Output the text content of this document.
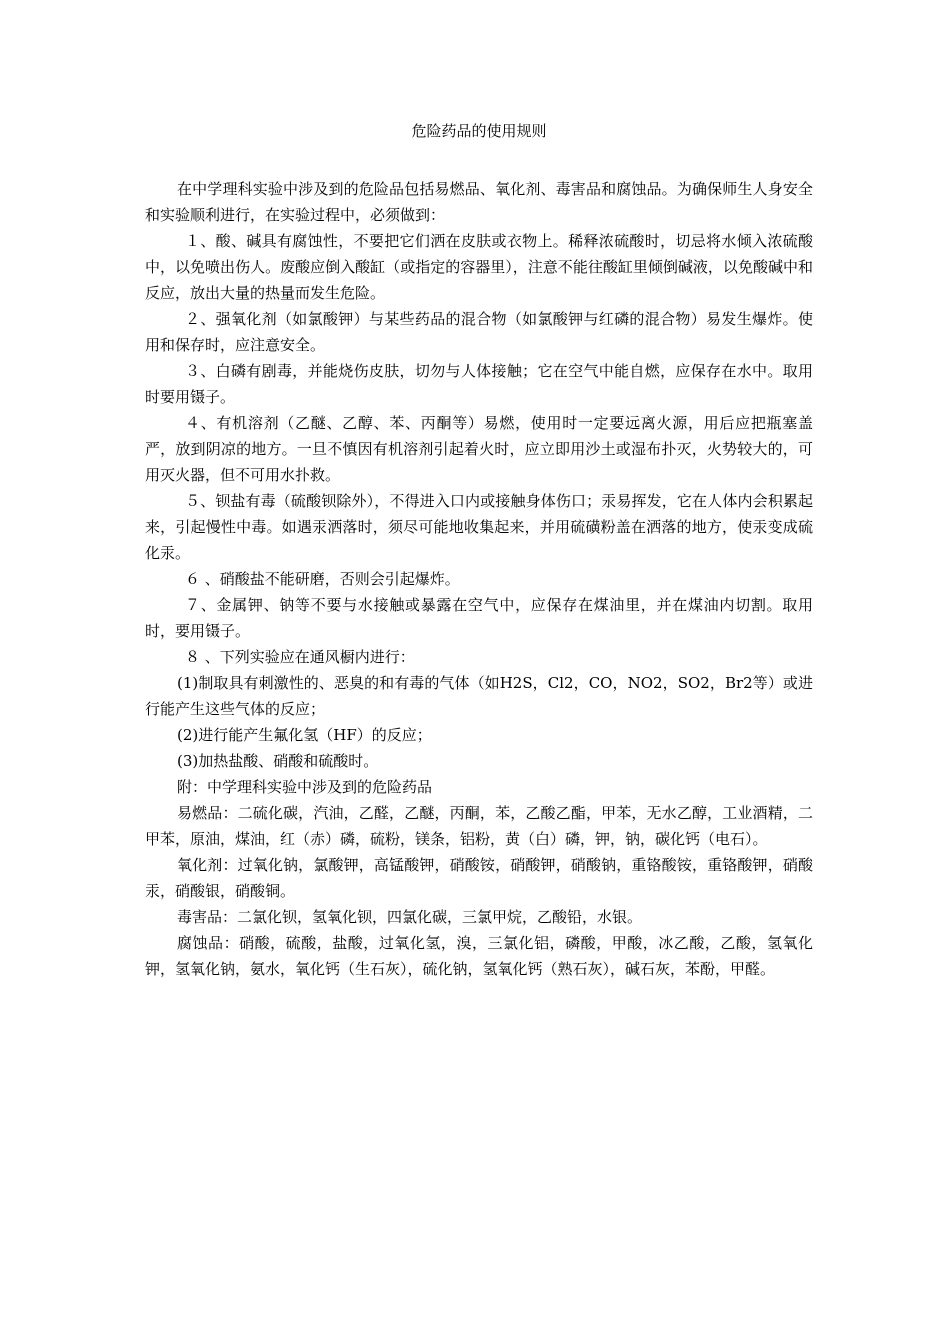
危险药品的使用规则

在中学理科实验中涉及到的危险品包括易燃品、氧化剂、毒害品和腐蚀品。为确保师生人身安全和实验顺利进行，在实验过程中，必须做到：

１、酸、碱具有腐蚀性，不要把它们洒在皮肤或衣物上。稀释浓硫酸时，切忌将水倾入浓硫酸中，以免喷出伤人。废酸应倒入酸缸（或指定的容器里），注意不能往酸缸里倾倒碱液，以免酸碱中和反应，放出大量的热量而发生危险。

２、强氧化剂（如氯酸钾）与某些药品的混合物（如氯酸钾与红磷的混合物）易发生爆炸。使用和保存时，应注意安全。

３、白磷有剧毒，并能烧伤皮肤，切勿与人体接触；它在空气中能自燃，应保存在水中。取用时要用镊子。

４、有机溶剂（乙醚、乙醇、苯、丙酮等）易燃，使用时一定要远离火源，用后应把瓶塞盖严，放到阴凉的地方。一旦不慎因有机溶剂引起着火时，应立即用沙土或湿布扑灭，火势较大的，可用灭火器，但不可用水扑救。

５、钡盐有毒（硫酸钡除外），不得进入口内或接触身体伤口；汞易挥发，它在人体内会积累起来，引起慢性中毒。如遇汞洒落时，须尽可能地收集起来，并用硫磺粉盖在洒落的地方，使汞变成硫化汞。

６ 、硝酸盐不能研磨，否则会引起爆炸。

７、金属钾、钠等不要与水接触或暴露在空气中，应保存在煤油里，并在煤油内切割。取用时，要用镊子。

８ 、下列实验应在通风橱内进行：

(1)制取具有刺激性的、恶臭的和有毒的气体（如H2S，Cl2，CO，NO2，SO2，Br2等）或进行能产生这些气体的反应；

(2)进行能产生氟化氢（HF）的反应；

(3)加热盐酸、硝酸和硫酸时。

附：中学理科实验中涉及到的危险药品

易燃品：二硫化碳，汽油，乙醛，乙醚，丙酮，苯，乙酸乙酯，甲苯，无水乙醇，工业酒精，二甲苯，原油，煤油，红（赤）磷，硫粉，镁条，铝粉，黄（白）磷，钾，钠，碳化钙（电石）。

氧化剂：过氧化钠，氯酸钾，高锰酸钾，硝酸铵，硝酸钾，硝酸钠，重铬酸铵，重铬酸钾，硝酸汞，硝酸银，硝酸铜。

毒害品：二氯化钡，氢氧化钡，四氯化碳，三氯甲烷，乙酸铅，水银。

腐蚀品：硝酸，硫酸，盐酸，过氧化氢，溴，三氯化铝，磷酸，甲酸，冰乙酸，乙酸，氢氧化钾，氢氧化钠，氨水，氧化钙（生石灰），硫化钠，氢氧化钙（熟石灰），碱石灰，苯酚，甲醛。
